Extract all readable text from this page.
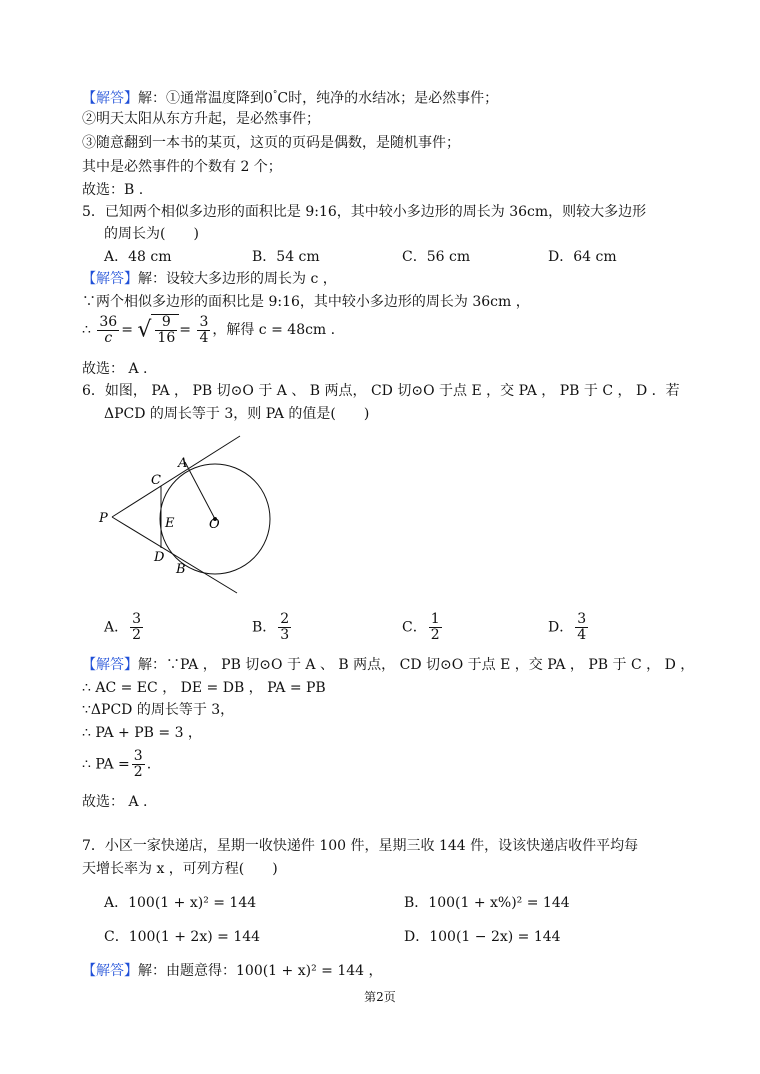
【解答】解：①通常温度降到0°C时，纯净的水结冰；是必然事件；
②明天太阳从东方升起，是必然事件；
③随意翻到一本书的某页，这页的页码是偶数，是随机事件；
其中是必然事件的个数有 2 个；
故选：B .
5．已知两个相似多边形的面积比是 9:16，其中较小多边形的周长为 36cm，则较大多边形
的周长为(　　)
A．48 cm	B．54 cm	C．56 cm	D．64 cm
【解答】解：设较大多边形的周长为 c ，
∵两个相似多边形的面积比是 9:16，其中较小多边形的周长为 36cm ，
∴ $\frac{36}{c}$ = √ $\frac{9}{16} = \frac{3}{4}$ ，解得 c = 48cm .
故选： A .
6．如图， PA ， PB 切⊙O 于 A 、 B 两点， CD 切⊙O 于点 E ，交 PA ， PB 于 C ， D ．若
ΔPCD 的周长等于 3，则 PA 的值是(　　)
A
B
C
D
E	O
P
A． $\frac{3}{2}$	B． $\frac{2}{3}$	C． $\frac{1}{2}$	D． $\frac{3}{4}$
【解答】解：∵PA ， PB 切⊙O 于 A 、 B 两点， CD 切⊙O 于点 E ，交 PA ， PB 于 C ， D ，
∴ AC = EC ， DE = DB ， PA = PB
∵ΔPCD 的周长等于 3，
∴ PA + PB = 3 ，
∴ PA = $\frac{3}{2}$ .
故选： A .
7．小区一家快递店，星期一收快递件 100 件，星期三收 144 件，设该快递店收件平均每
天增长率为 x ，可列方程(　　)
A．100(1 + x)² = 144	B．100(1 + x%)² = 144
C．100(1 + 2x) = 144	D．100(1 − 2x) = 144
【解答】解：由题意得：100(1 + x)² = 144 ，
第2页
